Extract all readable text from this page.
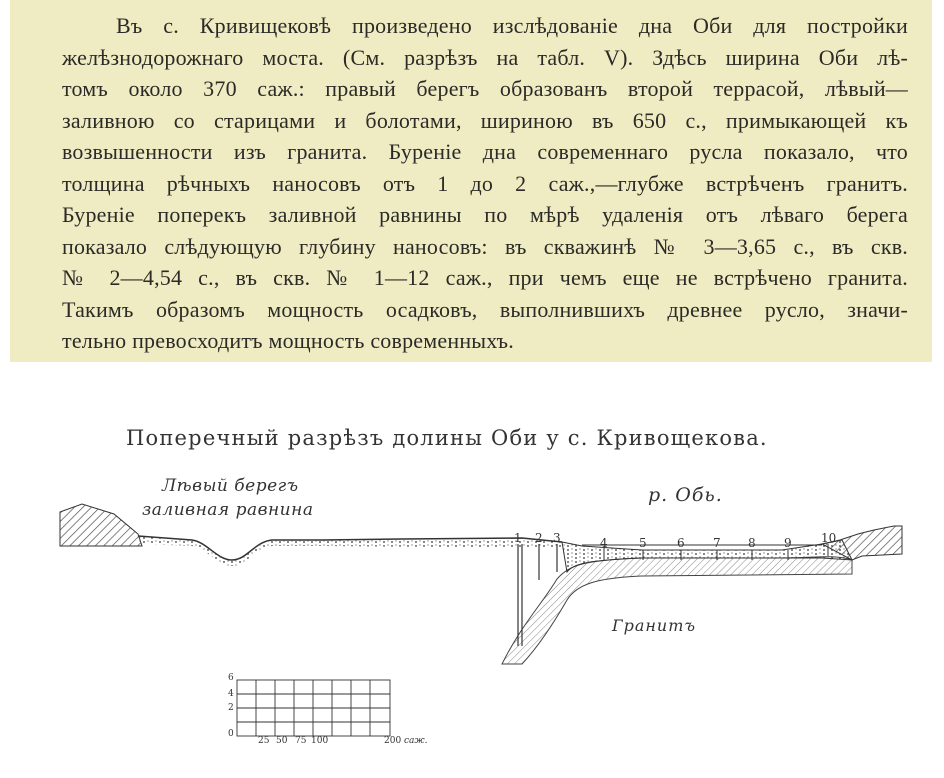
Въ с. Кривищековѣ произведено изслѣдованіе дна Оби для постройки
желѣзнодорожнаго моста. (См. разрѣзъ на табл. V). Здѣсь ширина Оби лѣ-
томъ около 370 саж.: правый берегъ образованъ второй террасой, лѣвый—
заливною со старицами и болотами, шириною въ 650 с., примыкающей къ
возвышенности изъ гранита. Буреніе дна современнаго русла показало, что
толщина рѣчныхъ наносовъ отъ 1 до 2 саж.,—глубже встрѣченъ гранитъ.
Буреніе поперекъ заливной равнины по мѣрѣ удаленія отъ лѣваго берега
показало слѣдующую глубину наносовъ: въ скважинѣ № 3—3,65 с., въ скв.
№ 2—4,54 с., въ скв. № 1—12 саж., при чемъ еще не встрѣчено гранита.
Такимъ образомъ мощность осадковъ, выполнившихъ древнее русло, значи-
тельно превосходитъ мощность современныхъ.

Поперечный разрѣзъ долины Оби у с. Кривощекова.
Лѣвый берегъ
заливная равнина
р. Обь.
Гранитъ
1 2 3	4	5	6 7 8 9 10
6
4
2
0
25 50 75 100	200 саж.
